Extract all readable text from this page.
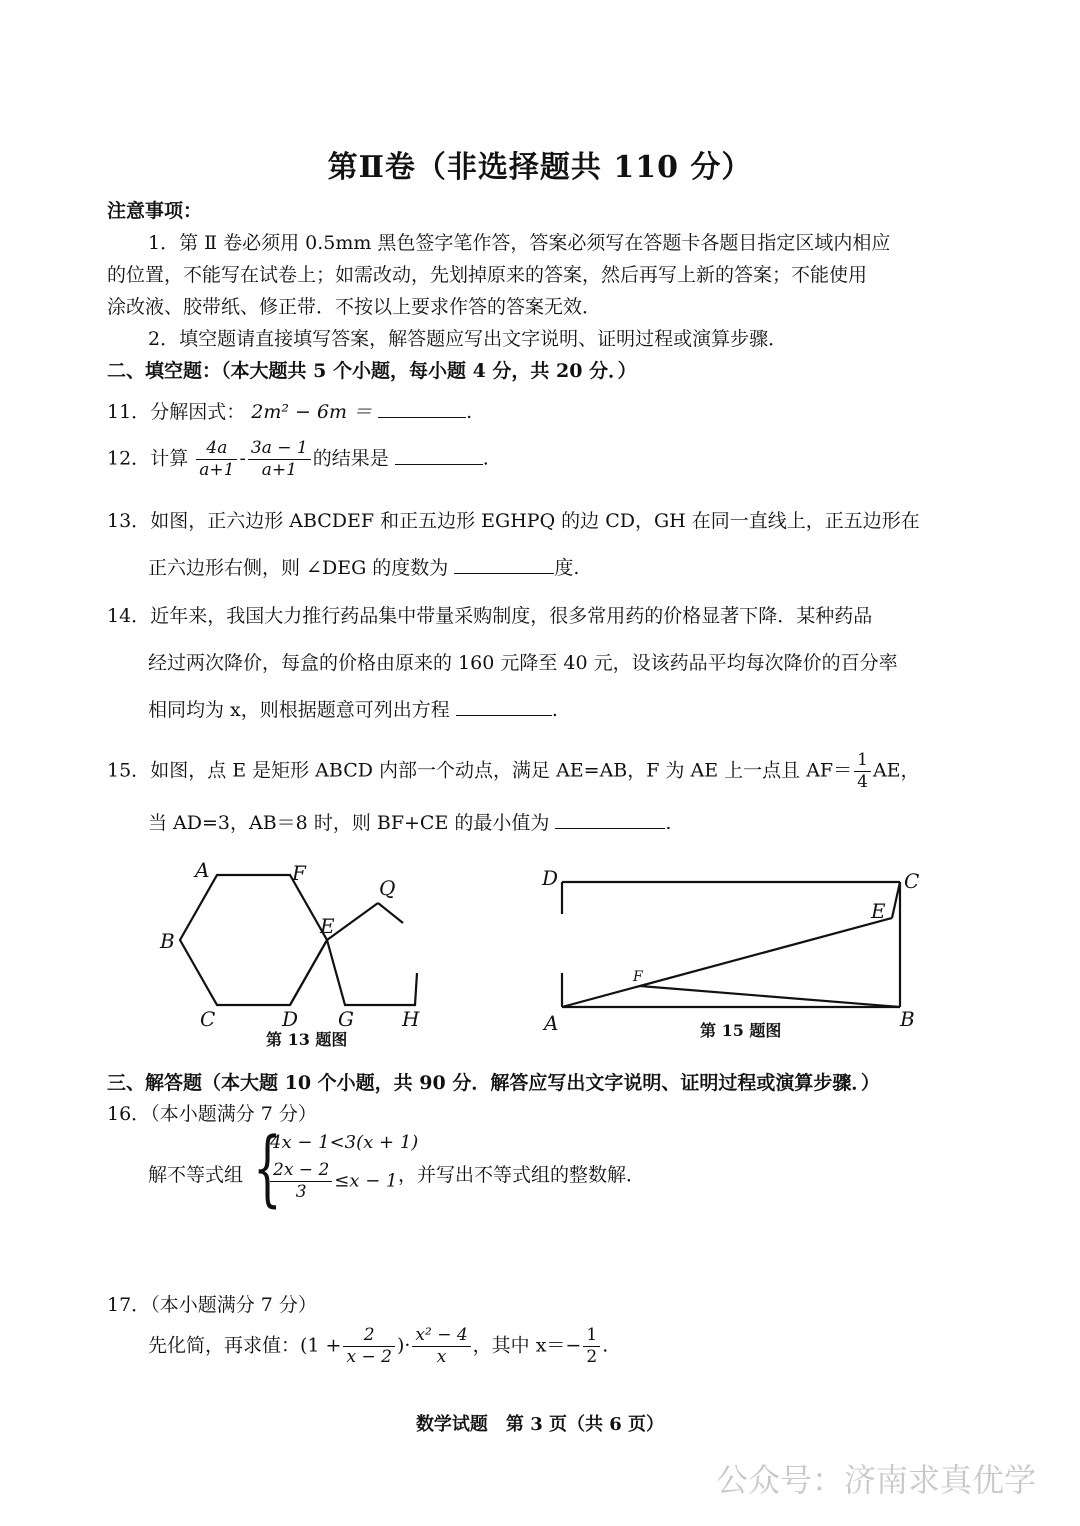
第Ⅱ卷（非选择题共 110 分）
注意事项：
1．第 Ⅱ 卷必须用 0.5mm 黑色签字笔作答，答案必须写在答题卡各题目指定区域内相应
的位置，不能写在试卷上；如需改动，先划掉原来的答案，然后再写上新的答案；不能使用
涂改液、胶带纸、修正带．不按以上要求作答的答案无效．
2．填空题请直接填写答案，解答题应写出文字说明、证明过程或演算步骤．
二、填空题：（本大题共 5 个小题，每小题 4 分，共 20 分．）
11．分解因式： 2m² − 6m ＝	.
12．计算 $\frac{4a}{a+1} - \frac{3a - 1}{a+1}$ 的结果是	.
13．如图，正六边形 ABCDEF 和正五边形 EGHPQ 的边 CD，GH 在同一直线上，正五边形在
正六边形右侧，则 ∠DEG 的度数为	度.
14．近年来，我国大力推行药品集中带量采购制度，很多常用药的价格显著下降．某种药品
经过两次降价，每盒的价格由原来的 160 元降至 40 元，设该药品平均每次降价的百分率
相同均为 x，则根据题意可列出方程	.
15．如图，点 E 是矩形 ABCD 内部一个动点，满足 AE=AB，F 为 AE 上一点且 $AF= \frac{1}{4}$ AE，
当 AD=3，AB＝8 时，则 BF+CE 的最小值为	.
A	F
B
E
Q
C	D G H
第 13 题图
D	C
E
F
A	B
第 15 题图
三、解答题（本大题 10 个小题，共 90 分．解答应写出文字说明、证明过程或演算步骤．）
16．（本小题满分 7 分）
解不等式组 {
4x − 1<3(x + 1)
$\frac{2x - 2}{3} \le x - 1$ ，并写出不等式组的整数解．
17．（本小题满分 7 分）
先化简，再求值：($1 + \frac{2}{x - 2}$ )· $\frac{\text{x² − 4}}{x}$ ，其中 $x=- \frac{1}{2}$ .
数学试题　第 3 页（共 6 页）
公众号：济南求真优学
